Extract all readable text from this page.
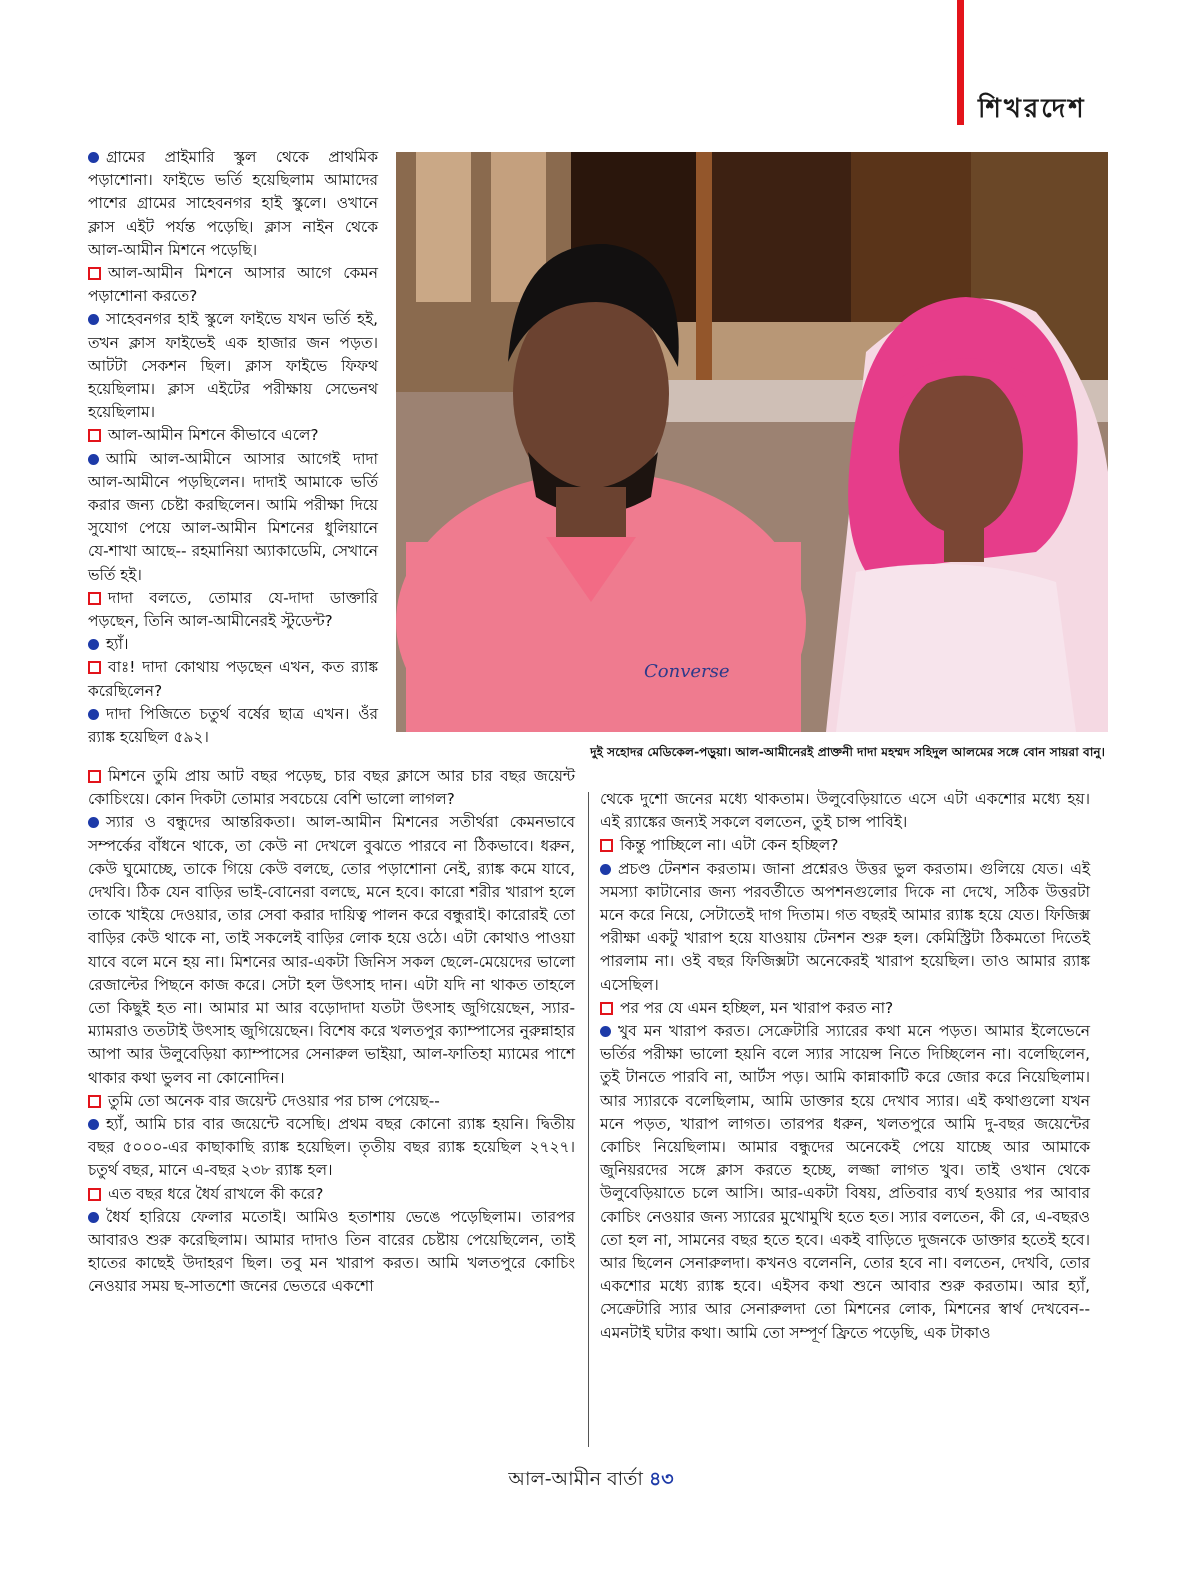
শিখরদেশ

গ্রামের প্রাইমারি স্কুল থেকে প্রাথমিক পড়াশোনা। ফাইভে ভর্তি হয়েছিলাম আমাদের পাশের গ্রামের সাহেবনগর হাই স্কুলে। ওখানে ক্লাস এইট পর্যন্ত পড়েছি। ক্লাস নাইন থেকে আল-আমীন মিশনে পড়েছি।

আল-আমীন মিশনে আসার আগে কেমন পড়াশোনা করতে?

সাহেবনগর হাই স্কুলে ফাইভে যখন ভর্তি হই, তখন ক্লাস ফাইভেই এক হাজার জন পড়ত। আটটা সেকশন ছিল। ক্লাস ফাইভে ফিফথ হয়েছিলাম। ক্লাস এইটের পরীক্ষায় সেভেনথ হয়েছিলাম।

আল-আমীন মিশনে কীভাবে এলে?

আমি আল-আমীনে আসার আগেই দাদা আল-আমীনে পড়ছিলেন। দাদাই আমাকে ভর্তি করার জন্য চেষ্টা করছিলেন। আমি পরীক্ষা দিয়ে সুযোগ পেয়ে আল-আমীন মিশনের ধুলিয়ানে যে-শাখা আছে-- রহমানিয়া অ্যাকাডেমি, সেখানে ভর্তি হই।

দাদা বলতে, তোমার যে-দাদা ডাক্তারি পড়ছেন, তিনি আল-আমীনেরই স্টুডেন্ট?

হ্যাঁ।

বাঃ! দাদা কোথায় পড়ছেন এখন, কত র‍্যাঙ্ক করেছিলেন?

দাদা পিজিতে চতুর্থ বর্ষের ছাত্র এখন। ওঁর র‍্যাঙ্ক হয়েছিল ৫৯২।

Converse
দুই সহোদর মেডিকেল-পড়ুয়া। আল-আমীনেরই প্রাক্তনী দাদা মহম্মদ সহিদুল আলমের সঙ্গে বোন সায়রা বানু।

মিশনে তুমি প্রায় আট বছর পড়েছ, চার বছর ক্লাসে আর চার বছর জয়েন্ট কোচিংয়ে। কোন দিকটা তোমার সবচেয়ে বেশি ভালো লাগল?

স্যার ও বন্ধুদের আন্তরিকতা। আল-আমীন মিশনের সতীর্থরা কেমনভাবে সম্পর্কের বাঁধনে থাকে, তা কেউ না দেখলে বুঝতে পারবে না ঠিকভাবে। ধরুন, কেউ ঘুমোচ্ছে, তাকে গিয়ে কেউ বলছে, তোর পড়াশোনা নেই, র‍্যাঙ্ক কমে যাবে, দেখবি। ঠিক যেন বাড়ির ভাই-বোনেরা বলছে, মনে হবে। কারো শরীর খারাপ হলে তাকে খাইয়ে দেওয়ার, তার সেবা করার দায়িত্ব পালন করে বন্ধুরাই। কারোরই তো বাড়ির কেউ থাকে না, তাই সকলেই বাড়ির লোক হয়ে ওঠে। এটা কোথাও পাওয়া যাবে বলে মনে হয় না। মিশনের আর-একটা জিনিস সকল ছেলে-মেয়েদের ভালো রেজাল্টের পিছনে কাজ করে। সেটা হল উৎসাহ দান। এটা যদি না থাকত তাহলে তো কিছুই হত না। আমার মা আর বড়োদাদা যতটা উৎসাহ জুগিয়েছেন, স্যার-ম্যামরাও ততটাই উৎসাহ জুগিয়েছেন। বিশেষ করে খলতপুর ক্যাম্পাসের নুরুন্নাহার আপা আর উলুবেড়িয়া ক্যাম্পাসের সেনারুল ভাইয়া, আল-ফাতিহা ম্যামের পাশে থাকার কথা ভুলব না কোনোদিন।

তুমি তো অনেক বার জয়েন্ট দেওয়ার পর চান্স পেয়েছ--

হ্যাঁ, আমি চার বার জয়েন্টে বসেছি। প্রথম বছর কোনো র‍্যাঙ্ক হয়নি। দ্বিতীয় বছর ৫০০০-এর কাছাকাছি র‍্যাঙ্ক হয়েছিল। তৃতীয় বছর র‍্যাঙ্ক হয়েছিল ২৭২৭। চতুর্থ বছর, মানে এ-বছর ২৩৮ র‍্যাঙ্ক হল।

এত বছর ধরে ধৈর্য রাখলে কী করে?

ধৈর্য হারিয়ে ফেলার মতোই। আমিও হতাশায় ভেঙে পড়েছিলাম। তারপর আবারও শুরু করেছিলাম। আমার দাদাও তিন বারের চেষ্টায় পেয়েছিলেন, তাই হাতের কাছেই উদাহরণ ছিল। তবু মন খারাপ করত। আমি খলতপুরে কোচিং নেওয়ার সময় ছ-সাতশো জনের ভেতরে একশো

থেকে দুশো জনের মধ্যে থাকতাম। উলুবেড়িয়াতে এসে এটা একশোর মধ্যে হয়। এই র‍্যাঙ্কের জন্যই সকলে বলতেন, তুই চান্স পাবিই।

কিন্তু পাচ্ছিলে না। এটা কেন হচ্ছিল?

প্রচণ্ড টেনশন করতাম। জানা প্রশ্নেরও উত্তর ভুল করতাম। গুলিয়ে যেত। এই সমস্যা কাটানোর জন্য পরবর্তীতে অপশনগুলোর দিকে না দেখে, সঠিক উত্তরটা মনে করে নিয়ে, সেটাতেই দাগ দিতাম। গত বছরই আমার র‍্যাঙ্ক হয়ে যেত। ফিজিক্স পরীক্ষা একটু খারাপ হয়ে যাওয়ায় টেনশন শুরু হল। কেমিস্ট্রিটা ঠিকমতো দিতেই পারলাম না। ওই বছর ফিজিক্সটা অনেকেরই খারাপ হয়েছিল। তাও আমার র‍্যাঙ্ক এসেছিল।

পর পর যে এমন হচ্ছিল, মন খারাপ করত না?

খুব মন খারাপ করত। সেক্রেটারি স্যারের কথা মনে পড়ত। আমার ইলেভেনে ভর্তির পরীক্ষা ভালো হয়নি বলে স্যার সায়েন্স নিতে দিচ্ছিলেন না। বলেছিলেন, তুই টানতে পারবি না, আর্টস পড়। আমি কান্নাকাটি করে জোর করে নিয়েছিলাম। আর স্যারকে বলেছিলাম, আমি ডাক্তার হয়ে দেখাব স্যার। এই কথাগুলো যখন মনে পড়ত, খারাপ লাগত। তারপর ধরুন, খলতপুরে আমি দু-বছর জয়েন্টের কোচিং নিয়েছিলাম। আমার বন্ধুদের অনেকেই পেয়ে যাচ্ছে আর আমাকে জুনিয়রদের সঙ্গে ক্লাস করতে হচ্ছে, লজ্জা লাগত খুব। তাই ওখান থেকে উলুবেড়িয়াতে চলে আসি। আর-একটা বিষয়, প্রতিবার ব্যর্থ হওয়ার পর আবার কোচিং নেওয়ার জন্য স্যারের মুখোমুখি হতে হত। স্যার বলতেন, কী রে, এ-বছরও তো হল না, সামনের বছর হতে হবে। একই বাড়িতে দুজনকে ডাক্তার হতেই হবে। আর ছিলেন সেনারুলদা। কখনও বলেননি, তোর হবে না। বলতেন, দেখবি, তোর একশোর মধ্যে র‍্যাঙ্ক হবে। এইসব কথা শুনে আবার শুরু করতাম। আর হ্যাঁ, সেক্রেটারি স্যার আর সেনারুলদা তো মিশনের লোক, মিশনের স্বার্থ দেখবেন-- এমনটাই ঘটার কথা। আমি তো সম্পূর্ণ ফ্রিতে পড়েছি, এক টাকাও

আল-আমীন বার্তা ৪৩
